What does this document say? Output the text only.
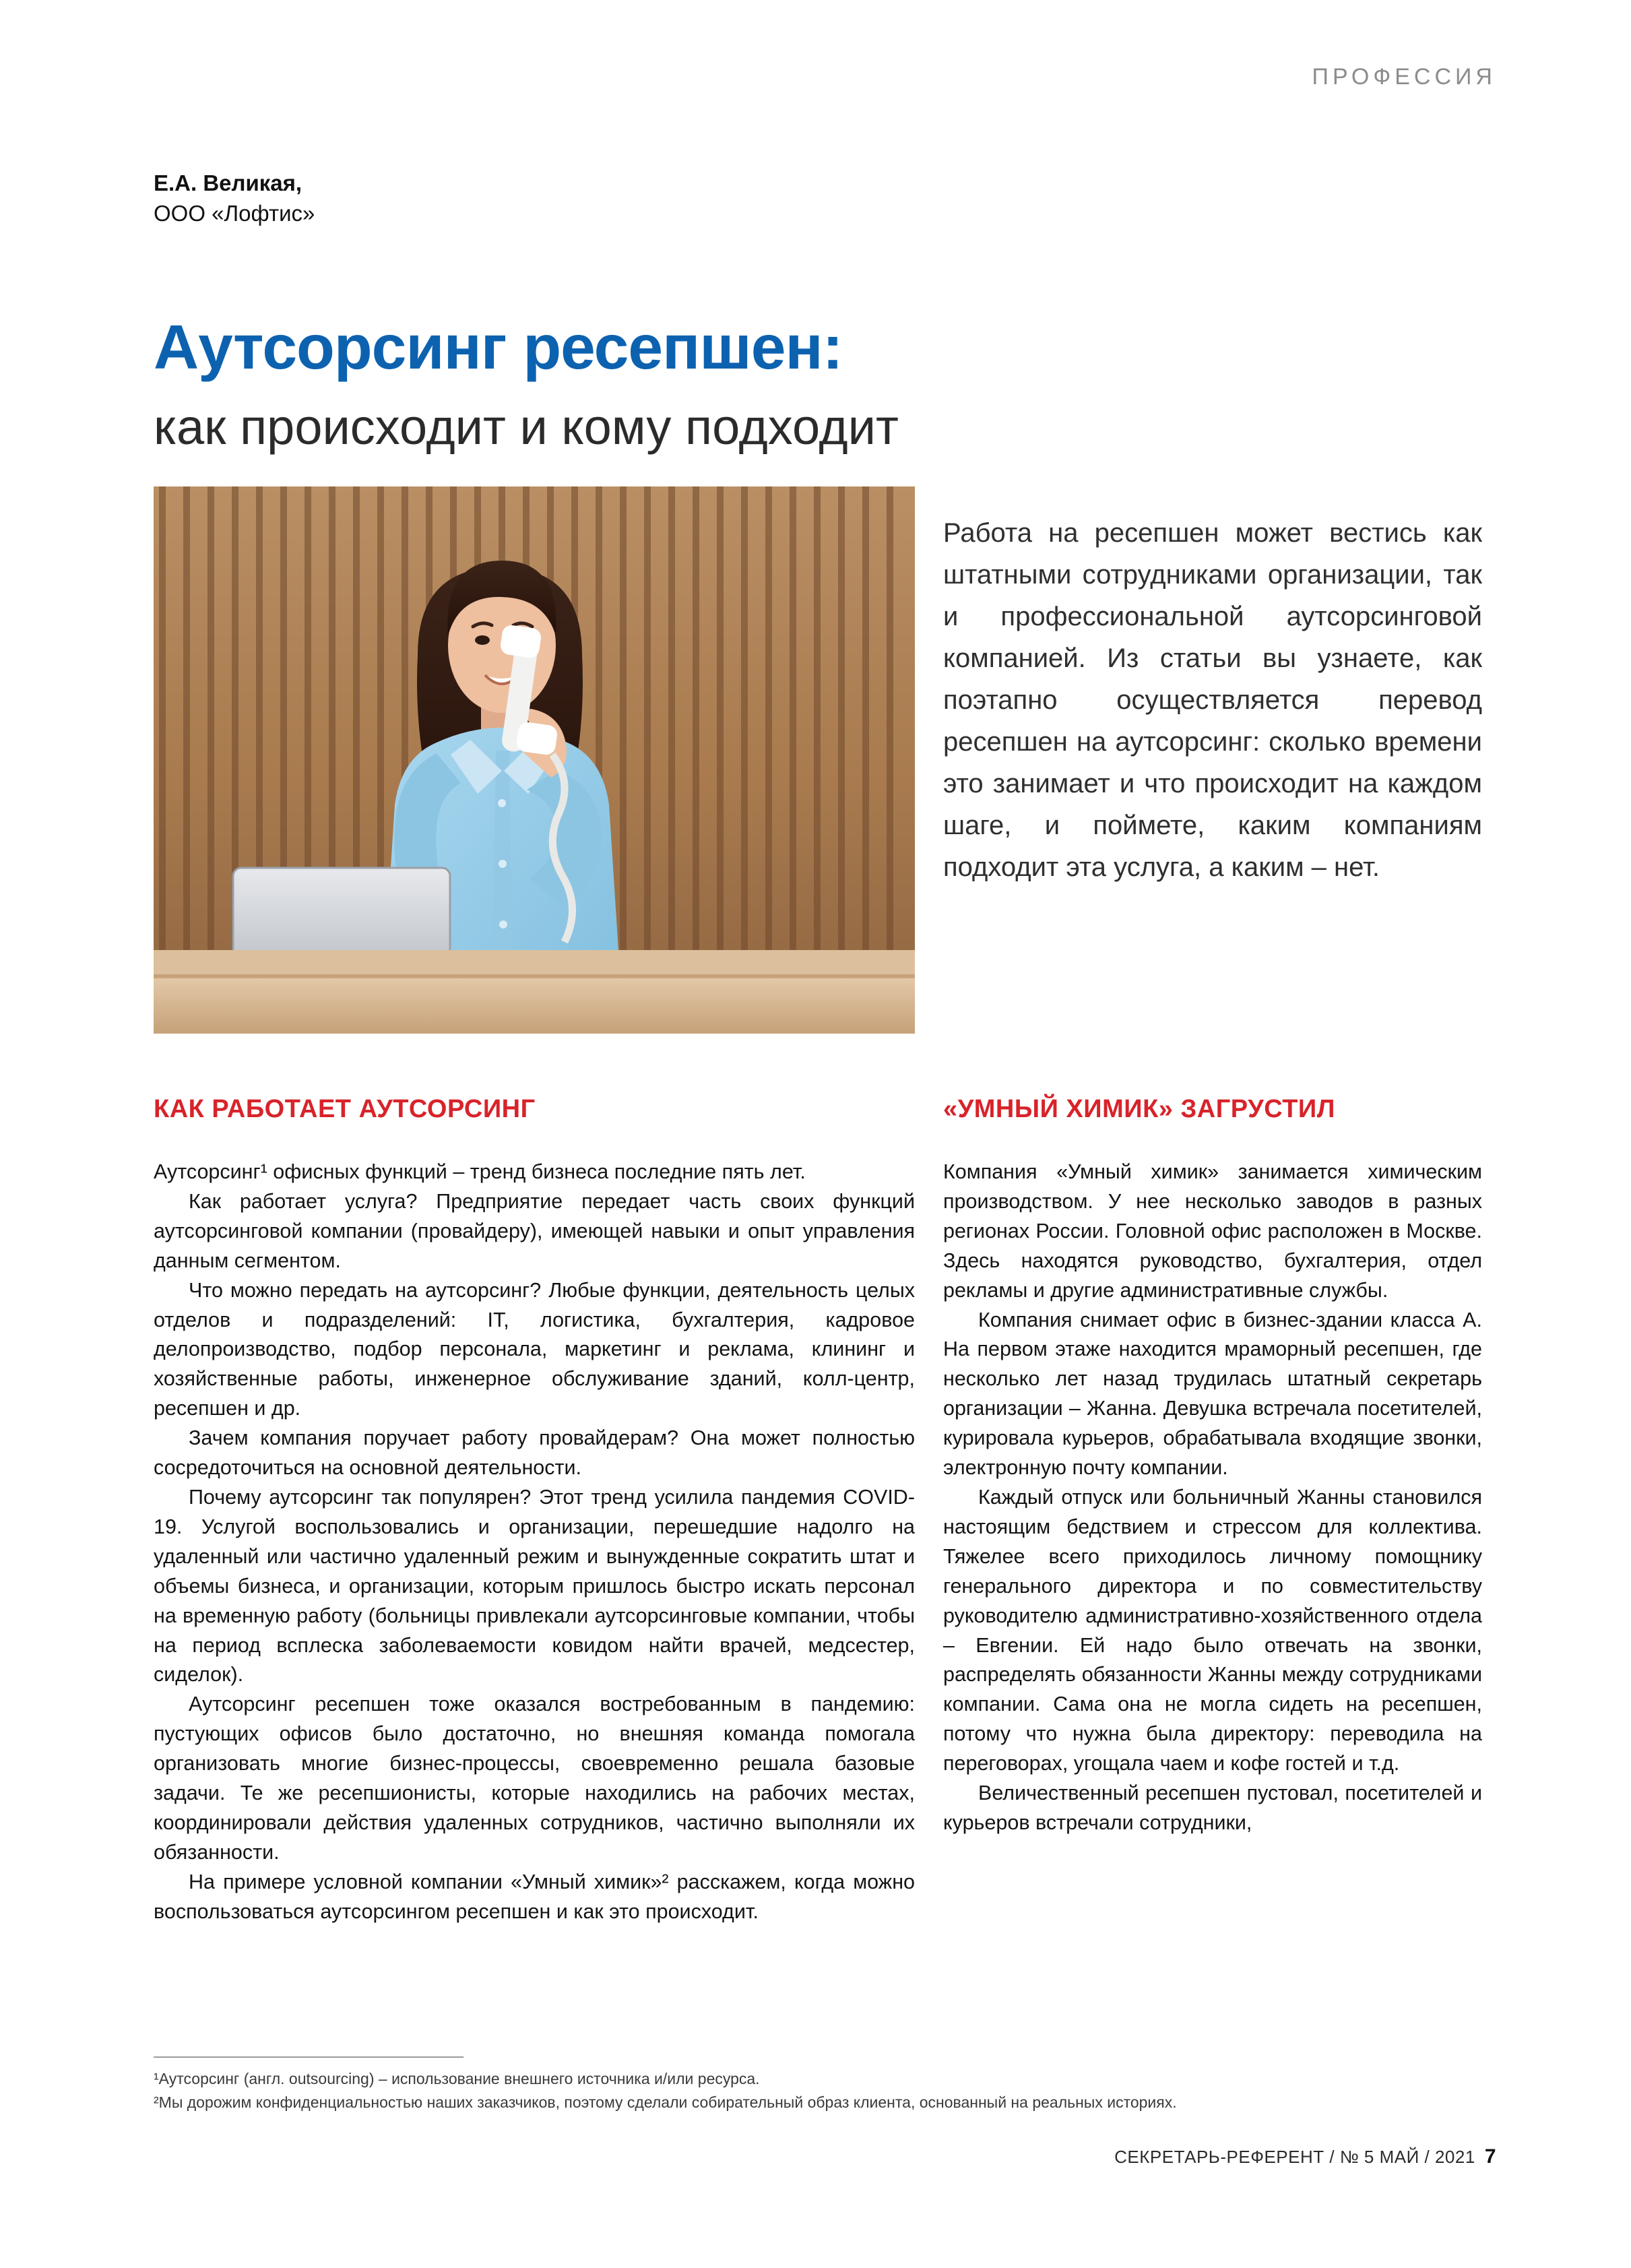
ПРОФЕССИЯ
Е.А. Великая,
ООО «Лофтис»
Аутсорсинг ресепшен:
как происходит и кому подходит
Работа на ресепшен может вестись как штатными сотрудниками организации, так и профессиональной аутсорсинговой компанией. Из статьи вы узнаете, как поэтапно осуществляется перевод ресепшен на аутсорсинг: сколько времени это занимает и что происходит на каждом шаге, и поймете, каким компаниям подходит эта услуга, а каким – нет.
КАК РАБОТАЕТ АУТСОРСИНГ	«УМНЫЙ ХИМИК» ЗАГРУСТИЛ

Аутсорсинг¹ офисных функций – тренд бизнеса последние пять лет.

Как работает услуга? Предприятие передает часть своих функций аутсорсинговой компании (провайдеру), имеющей навыки и опыт управления данным сегментом.

Что можно передать на аутсорсинг? Любые функции, деятельность целых отделов и подразделений: IT, логистика, бухгалтерия, кадровое делопроизводство, подбор персонала, маркетинг и реклама, клининг и хозяйственные работы, инженерное обслуживание зданий, колл-центр, ресепшен и др.

Зачем компания поручает работу провайдерам? Она может полностью сосредоточиться на основной деятельности.

Почему аутсорсинг так популярен? Этот тренд усилила пандемия COVID-19. Услугой воспользовались и организации, перешедшие надолго на удаленный или частично удаленный режим и вынужденные сократить штат и объемы бизнеса, и организации, которым пришлось быстро искать персонал на временную работу (больницы привлекали аутсорсинговые компании, чтобы на период всплеска заболеваемости ковидом найти врачей, медсестер, сиделок).

Аутсорсинг ресепшен тоже оказался востребованным в пандемию: пустующих офисов было достаточно, но внешняя команда помогала организовать многие бизнес-процессы, своевременно решала базовые задачи. Те же ресепшионисты, которые находились на рабочих местах, координировали действия удаленных сотрудников, частично выполняли их обязанности.

На примере условной компании «Умный химик»² расскажем, когда можно воспользоваться аутсорсингом ресепшен и как это происходит.

Компания «Умный химик» занимается химическим производством. У нее несколько заводов в разных регионах России. Головной офис расположен в Москве. Здесь находятся руководство, бухгалтерия, отдел рекламы и другие административные службы.

Компания снимает офис в бизнес-здании класса А. На первом этаже находится мраморный ресепшен, где несколько лет назад трудилась штатный секретарь организации – Жанна. Девушка встречала посетителей, курировала курьеров, обрабатывала входящие звонки, электронную почту компании.

Каждый отпуск или больничный Жанны становился настоящим бедствием и стрессом для коллектива. Тяжелее всего приходилось личному помощнику генерального директора и по совместительству руководителю административно-хозяйственного отдела – Евгении. Ей надо было отвечать на звонки, распределять обязанности Жанны между сотрудниками компании. Сама она не могла сидеть на ресепшен, потому что нужна была директору: переводила на переговорах, угощала чаем и кофе гостей и т.д.

Величественный ресепшен пустовал, посетителей и курьеров встречали сотрудники,

¹Аутсорсинг (англ. outsourcing) – использование внешнего источника и/или ресурса.
²Мы дорожим конфиденциальностью наших заказчиков, поэтому сделали собирательный образ клиента, основанный на реальных историях.
СЕКРЕТАРЬ-РЕФЕРЕНТ / № 5 МАЙ / 2021 7
